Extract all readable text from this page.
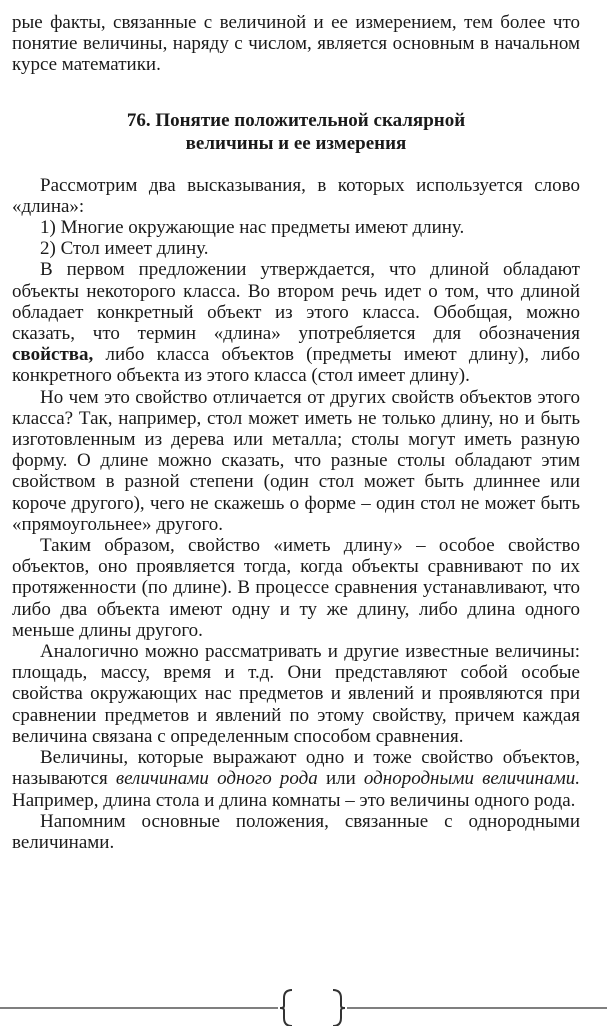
рые факты, связанные с величиной и ее измерением, тем более что понятие величины, наряду с числом, является основным в начальном курсе математики.

76. Понятие положительной скалярной
величины и ее измерения

Рассмотрим два высказывания, в которых используется слово «длина»:

1) Многие окружающие нас предметы имеют длину.

2) Стол имеет длину.

В первом предложении утверждается, что длиной обладают объекты некоторого класса. Во втором речь идет о том, что длиной обладает конкретный объект из этого класса. Обобщая, можно сказать, что термин «длина» употребляется для обозначения свойства, либо класса объектов (предметы имеют длину), либо конкретного объекта из этого класса (стол имеет длину).

Но чем это свойство отличается от других свойств объектов этого класса? Так, например, стол может иметь не только длину, но и быть изготовленным из дерева или металла; столы могут иметь разную форму. О длине можно сказать, что разные столы обладают этим свойством в разной степени (один стол может быть длиннее или короче другого), чего не скажешь о форме – один стол не может быть «прямоугольнее» другого.

Таким образом, свойство «иметь длину» – особое свойство объектов, оно проявляется тогда, когда объекты сравнивают по их протяженности (по длине). В процессе сравнения устанавливают, что либо два объекта имеют одну и ту же длину, либо длина одного меньше длины другого.

Аналогично можно рассматривать и другие известные величины: площадь, массу, время и т.д. Они представляют собой особые свойства окружающих нас предметов и явлений и проявляются при сравнении предметов и явлений по этому свойству, причем каждая величина связана с определенным способом сравнения.

Величины, которые выражают одно и тоже свойство объектов, называются величинами одного рода или однородными величинами. Например, длина стола и длина комнаты – это величины одного рода.

Напомним основные положения, связанные с однородными величинами.
